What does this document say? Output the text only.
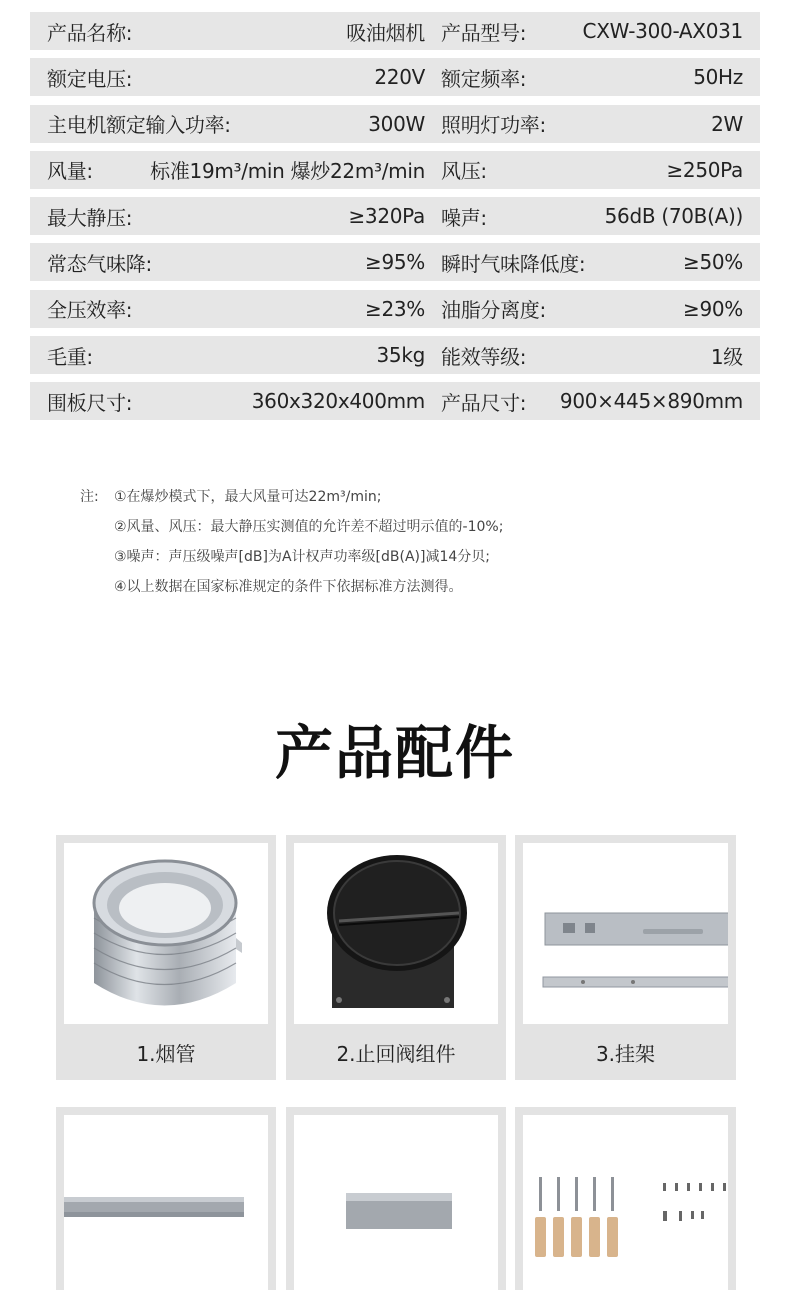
产品名称:	吸油烟机 产品型号:	CXW-300-AX031
额定电压:	220V 额定频率:	50Hz
主电机额定输入功率:	300W 照明灯功率:	2W
风量:	标准19m³/min 爆炒22m³/min 风压:	≥250Pa
最大静压:	≥320Pa 噪声:	56dB (70B(A))
常态气味降:	≥95% 瞬时气味降低度:	≥50%
全压效率:	≥23% 油脂分离度:	≥90%
毛重:	35kg 能效等级:	1级
围板尺寸:	360x320x400mm 产品尺寸: 900×445×890mm
注: ①在爆炒模式下，最大风量可达22m³/min;
②风量、风压：最大静压实测值的允许差不超过明示值的-10%;
③噪声：声压级噪声[dB]为A计权声功率级[dB(A)]减14分贝;
④以上数据在国家标准规定的条件下依据标准方法测得。
产品配件
1.烟管	2.止回阀组件	3.挂架
